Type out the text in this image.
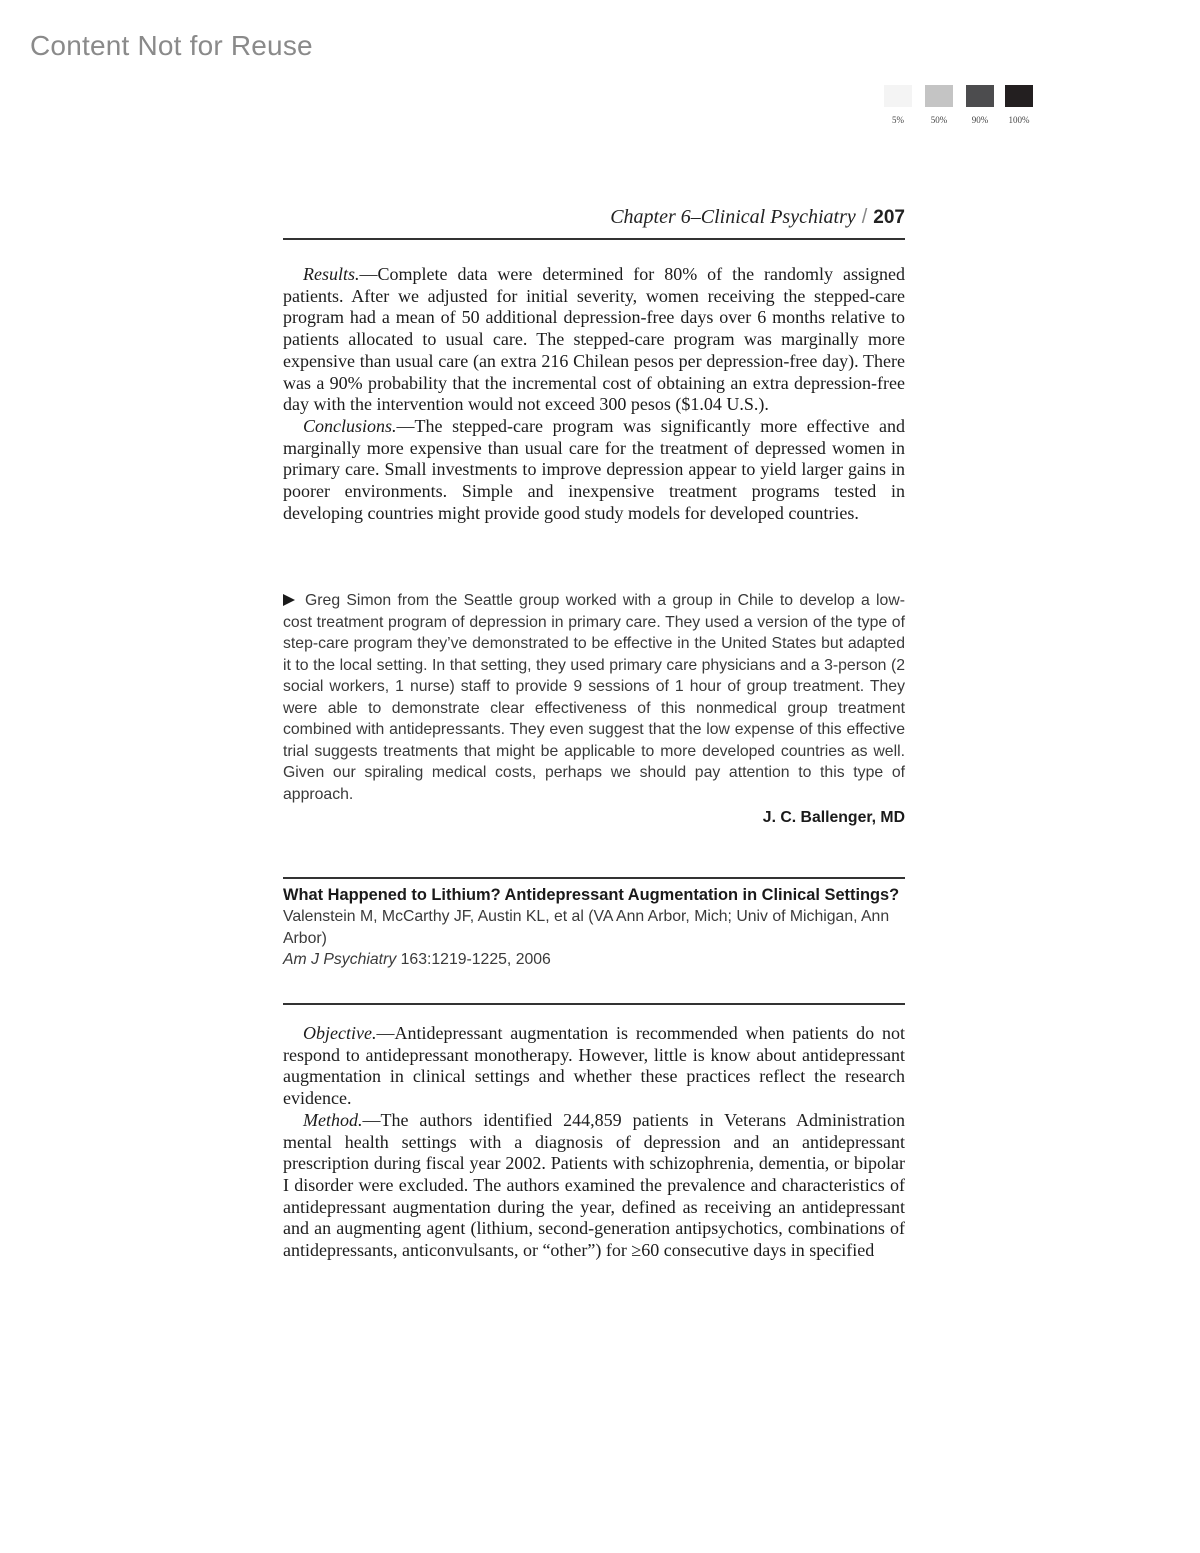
Content Not for Reuse
5%	50%	90%	100%
Chapter 6–Clinical Psychiatry / 207

Results.—Complete data were determined for 80% of the randomly assigned patients. After we adjusted for initial severity, women receiving the stepped-care program had a mean of 50 additional depression-free days over 6 months relative to patients allocated to usual care. The stepped-care program was marginally more expensive than usual care (an extra 216 Chilean pesos per depression-free day). There was a 90% probability that the incremental cost of obtaining an extra depression-free day with the intervention would not exceed 300 pesos ($1.04 U.S.).

Conclusions.—The stepped-care program was significantly more effective and marginally more expensive than usual care for the treatment of depressed women in primary care. Small investments to improve depression appear to yield larger gains in poorer environments. Simple and inexpensive treatment programs tested in developing countries might provide good study models for developed countries.

Greg Simon from the Seattle group worked with a group in Chile to develop a low-cost treatment program of depression in primary care. They used a version of the type of step-care program they’ve demonstrated to be effective in the United States but adapted it to the local setting. In that setting, they used primary care physicians and a 3-person (2 social workers, 1 nurse) staff to provide 9 sessions of 1 hour of group treatment. They were able to demonstrate clear effectiveness of this nonmedical group treatment combined with antidepressants. They even suggest that the low expense of this effective trial suggests treatments that might be applicable to more developed countries as well. Given our spiraling medical costs, perhaps we should pay attention to this type of approach.

J. C. Ballenger, MD

What Happened to Lithium? Antidepressant Augmentation in Clinical Settings?
Valenstein M, McCarthy JF, Austin KL, et al (VA Ann Arbor, Mich; Univ of Michigan, Ann Arbor)
Am J Psychiatry 163:1219-1225, 2006

Objective.—Antidepressant augmentation is recommended when patients do not respond to antidepressant monotherapy. However, little is know about antidepressant augmentation in clinical settings and whether these practices reflect the research evidence.

Method.—The authors identified 244,859 patients in Veterans Administration mental health settings with a diagnosis of depression and an antidepressant prescription during fiscal year 2002. Patients with schizophrenia, dementia, or bipolar I disorder were excluded. The authors examined the prevalence and characteristics of antidepressant augmentation during the year, defined as receiving an antidepressant and an augmenting agent (lithium, second-generation antipsychotics, combinations of antidepressants, anticonvulsants, or “other”) for ≥60 consecutive days in specified
